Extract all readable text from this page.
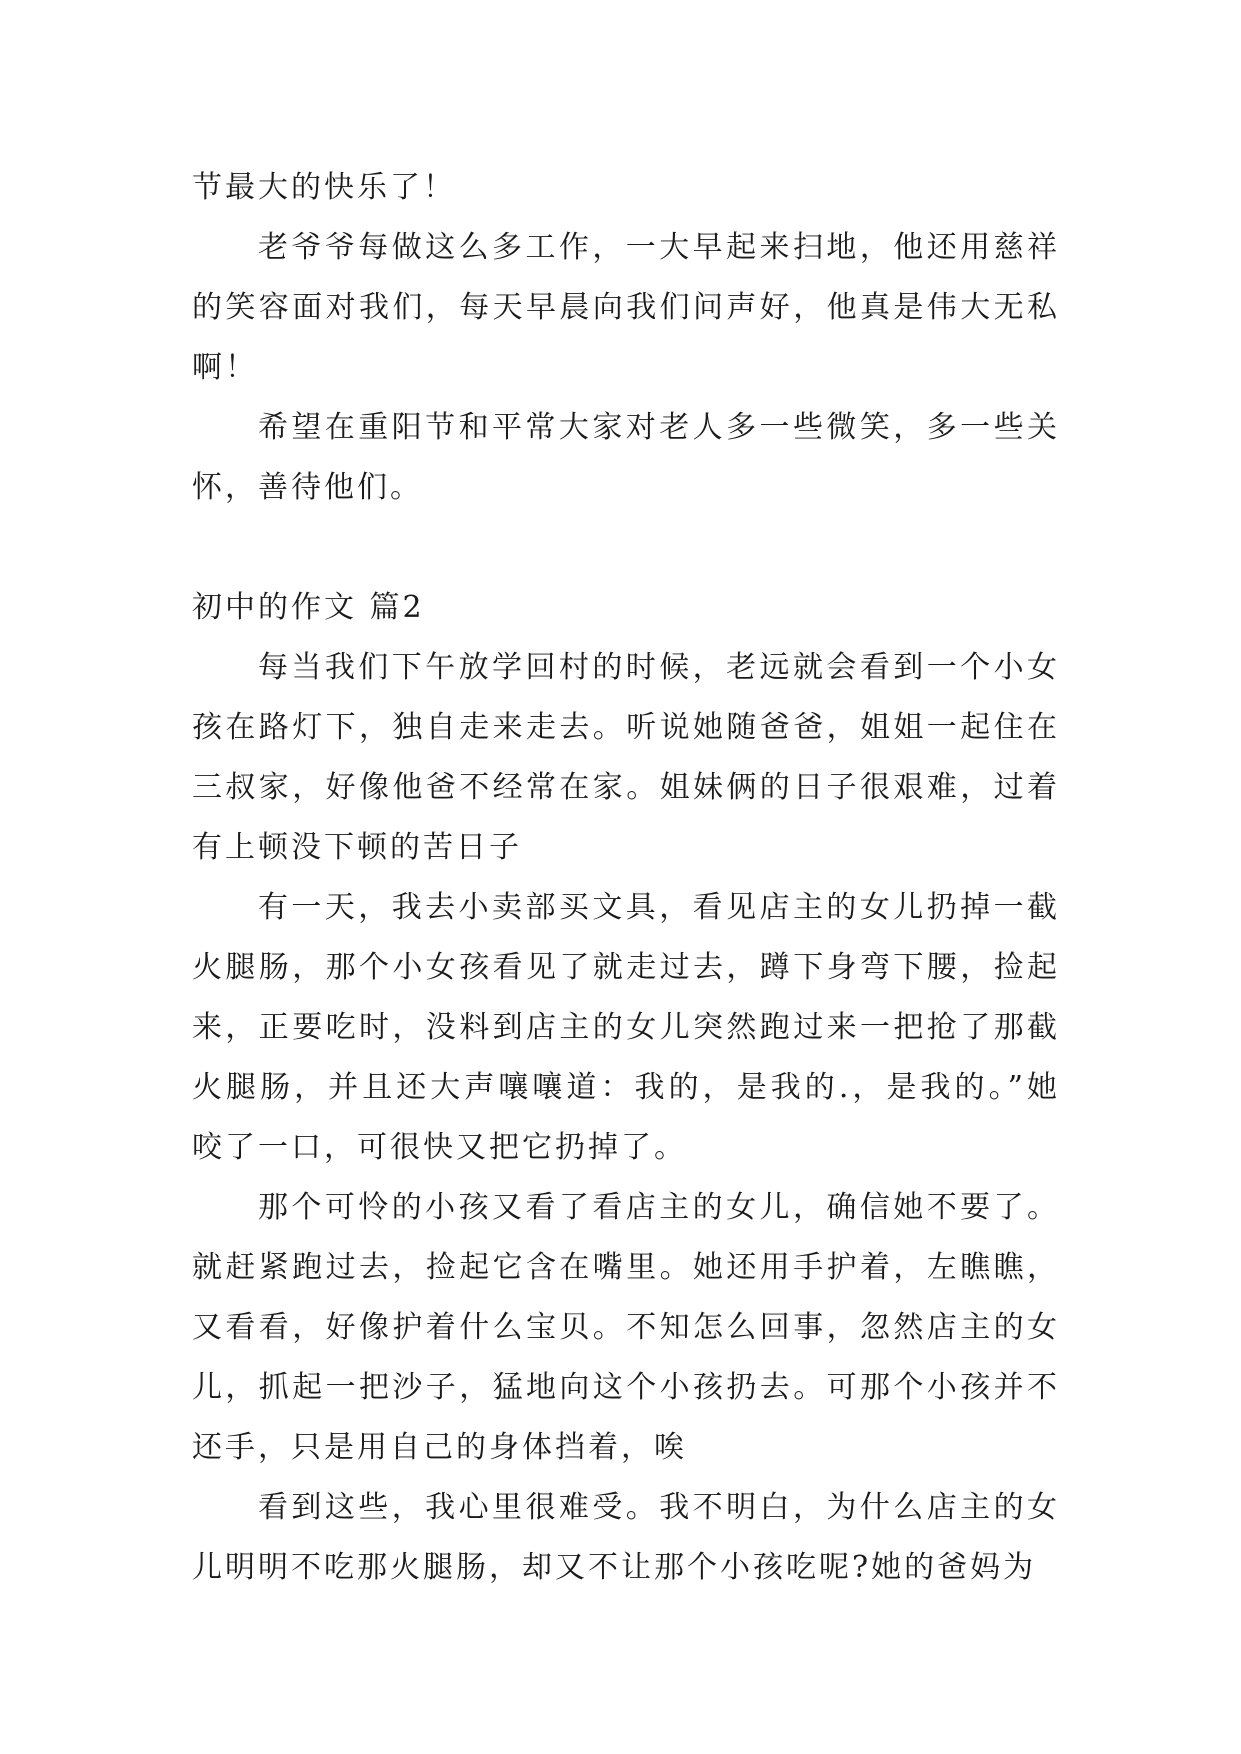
节最大的快乐了！

老爷爷每做这么多工作，一大早起来扫地，他还用慈祥的笑容面对我们，每天早晨向我们问声好，他真是伟大无私啊！

希望在重阳节和平常大家对老人多一些微笑，多一些关怀，善待他们。

初中的作文 篇2

每当我们下午放学回村的时候，老远就会看到一个小女孩在路灯下，独自走来走去。听说她随爸爸，姐姐一起住在三叔家，好像他爸不经常在家。姐妹俩的日子很艰难，过着有上顿没下顿的苦日子

有一天，我去小卖部买文具，看见店主的女儿扔掉一截火腿肠，那个小女孩看见了就走过去，蹲下身弯下腰，捡起来，正要吃时，没料到店主的女儿突然跑过来一把抢了那截火腿肠，并且还大声嚷嚷道：我的，是我的.，是我的。”她咬了一口，可很快又把它扔掉了。

那个可怜的小孩又看了看店主的女儿，确信她不要了。就赶紧跑过去，捡起它含在嘴里。她还用手护着，左瞧瞧，又看看，好像护着什么宝贝。不知怎么回事，忽然店主的女儿，抓起一把沙子，猛地向这个小孩扔去。可那个小孩并不还手，只是用自己的身体挡着，唉

看到这些，我心里很难受。我不明白，为什么店主的女儿明明不吃那火腿肠，却又不让那个小孩吃呢?她的爸妈为
